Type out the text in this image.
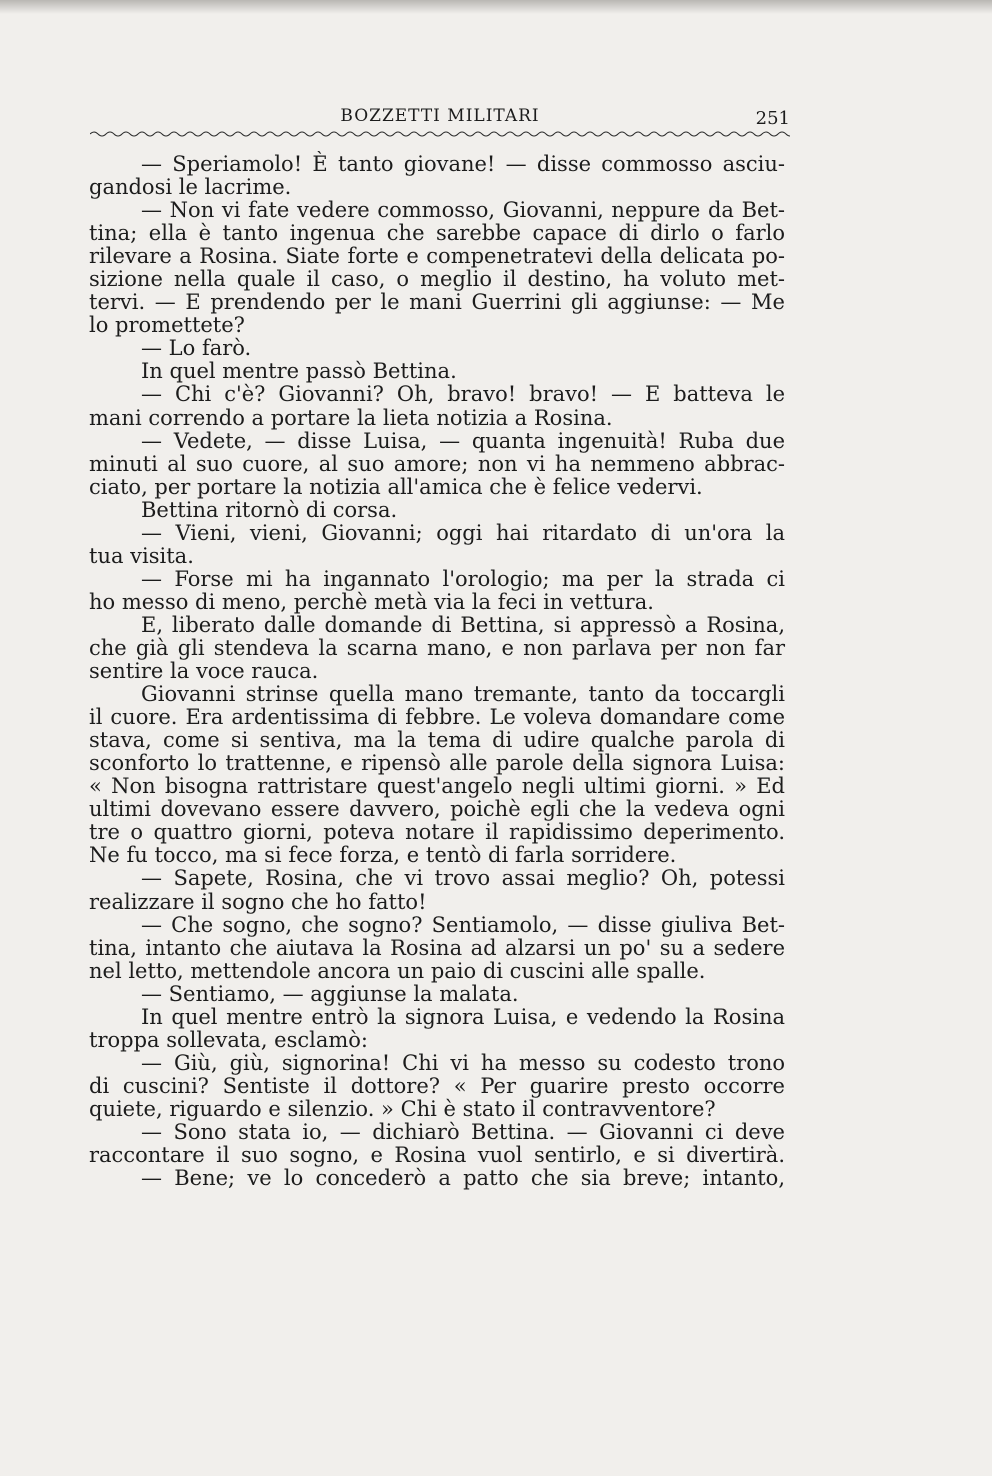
BOZZETTI MILITARI	251
— Speriamolo! È tanto giovane! — disse commosso asciu-
gandosi le lacrime.
— Non vi fate vedere commosso, Giovanni, neppure da Bet-
tina; ella è tanto ingenua che sarebbe capace di dirlo o farlo
rilevare a Rosina. Siate forte e compenetratevi della delicata po-
sizione nella quale il caso, o meglio il destino, ha voluto met-
tervi. — E prendendo per le mani Guerrini gli aggiunse: — Me
lo promettete?
— Lo farò.
In quel mentre passò Bettina.
— Chi c'è? Giovanni? Oh, bravo! bravo! — E batteva le
mani correndo a portare la lieta notizia a Rosina.
— Vedete, — disse Luisa, — quanta ingenuità! Ruba due
minuti al suo cuore, al suo amore; non vi ha nemmeno abbrac-
ciato, per portare la notizia all'amica che è felice vedervi.
Bettina ritornò di corsa.
— Vieni, vieni, Giovanni; oggi hai ritardato di un'ora la
tua visita.
— Forse mi ha ingannato l'orologio; ma per la strada ci
ho messo di meno, perchè metà via la feci in vettura.
E, liberato dalle domande di Bettina, si appressò a Rosina,
che già gli stendeva la scarna mano, e non parlava per non far
sentire la voce rauca.
Giovanni strinse quella mano tremante, tanto da toccargli
il cuore. Era ardentissima di febbre. Le voleva domandare come
stava, come si sentiva, ma la tema di udire qualche parola di
sconforto lo trattenne, e ripensò alle parole della signora Luisa:
« Non bisogna rattristare quest'angelo negli ultimi giorni. » Ed
ultimi dovevano essere davvero, poichè egli che la vedeva ogni
tre o quattro giorni, poteva notare il rapidissimo deperimento.
Ne fu tocco, ma si fece forza, e tentò di farla sorridere.
— Sapete, Rosina, che vi trovo assai meglio? Oh, potessi
realizzare il sogno che ho fatto!
— Che sogno, che sogno? Sentiamolo, — disse giuliva Bet-
tina, intanto che aiutava la Rosina ad alzarsi un po' su a sedere
nel letto, mettendole ancora un paio di cuscini alle spalle.
— Sentiamo, — aggiunse la malata.
In quel mentre entrò la signora Luisa, e vedendo la Rosina
troppa sollevata, esclamò:
— Giù, giù, signorina! Chi vi ha messo su codesto trono
di cuscini? Sentiste il dottore? « Per guarire presto occorre
quiete, riguardo e silenzio. » Chi è stato il contravventore?
— Sono stata io, — dichiarò Bettina. — Giovanni ci deve
raccontare il suo sogno, e Rosina vuol sentirlo, e si divertirà.
— Bene; ve lo concederò a patto che sia breve; intanto,
